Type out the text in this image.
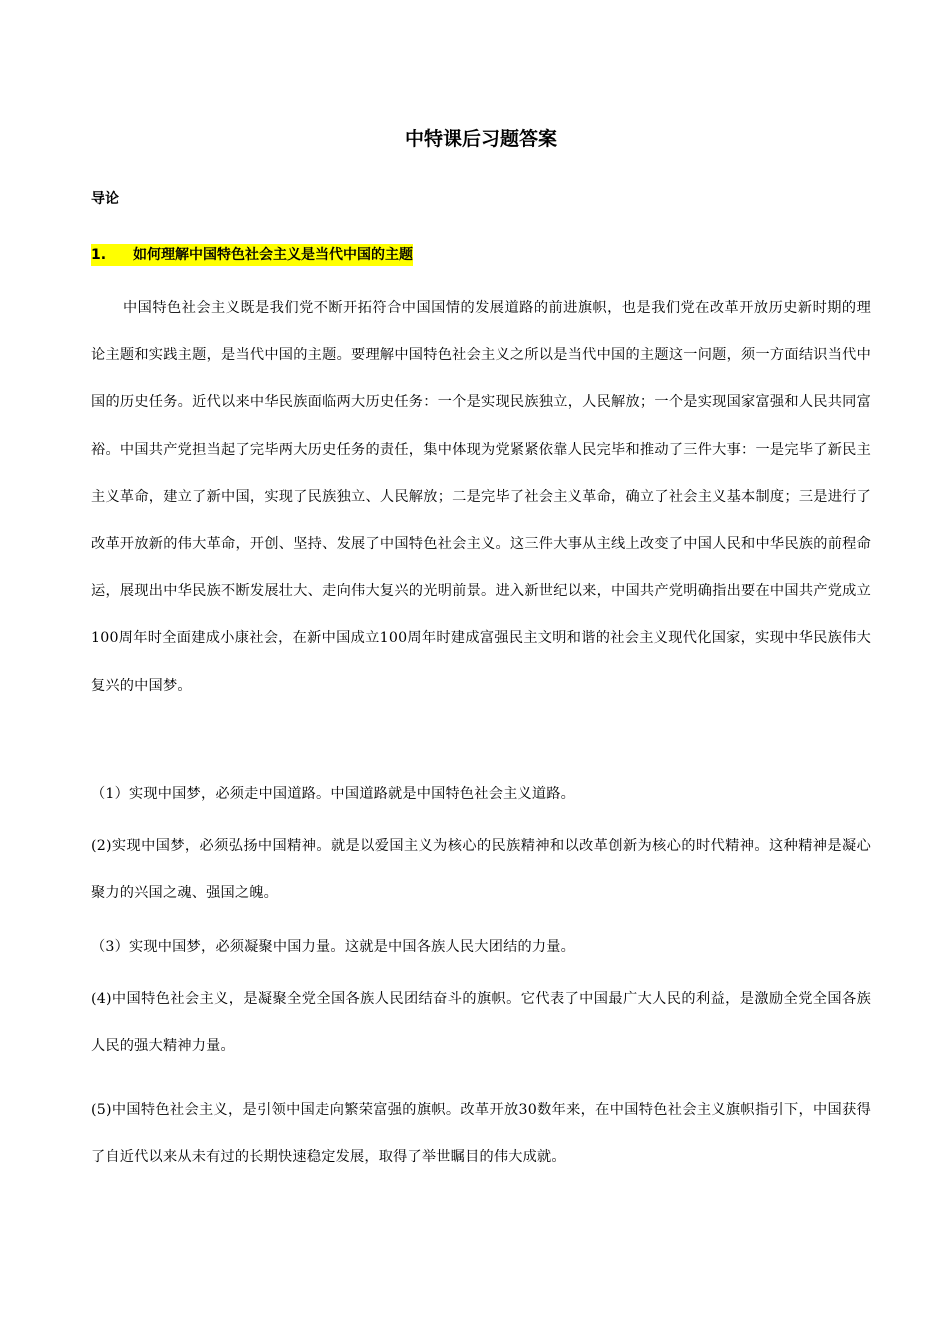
中特课后习题答案
导论
1. 如何理解中国特色社会主义是当代中国的主题

中国特色社会主义既是我们党不断开拓符合中国国情的发展道路的前进旗帜，也是我们党在改革开放历史新时期的理论主题和实践主题，是当代中国的主题。要理解中国特色社会主义之所以是当代中国的主题这一问题，须一方面结识当代中国的历史任务。近代以来中华民族面临两大历史任务：一个是实现民族独立，人民解放；一个是实现国家富强和人民共同富裕。中国共产党担当起了完毕两大历史任务的责任，集中体现为党紧紧依靠人民完毕和推动了三件大事：一是完毕了新民主主义革命，建立了新中国，实现了民族独立、人民解放；二是完毕了社会主义革命，确立了社会主义基本制度；三是进行了改革开放新的伟大革命，开创、坚持、发展了中国特色社会主义。这三件大事从主线上改变了中国人民和中华民族的前程命运，展现出中华民族不断发展壮大、走向伟大复兴的光明前景。进入新世纪以来，中国共产党明确指出要在中国共产党成立100周年时全面建成小康社会，在新中国成立100周年时建成富强民主文明和谐的社会主义现代化国家，实现中华民族伟大复兴的中国梦。

（1）实现中国梦，必须走中国道路。中国道路就是中国特色社会主义道路。

(2)实现中国梦，必须弘扬中国精神。就是以爱国主义为核心的民族精神和以改革创新为核心的时代精神。这种精神是凝心聚力的兴国之魂、强国之魄。

（3）实现中国梦，必须凝聚中国力量。这就是中国各族人民大团结的力量。

(4)中国特色社会主义，是凝聚全党全国各族人民团结奋斗的旗帜。它代表了中国最广大人民的利益，是激励全党全国各族人民的强大精神力量。

(5)中国特色社会主义，是引领中国走向繁荣富强的旗帜。改革开放30数年来，在中国特色社会主义旗帜指引下，中国获得了自近代以来从未有过的长期快速稳定发展，取得了举世瞩目的伟大成就。
